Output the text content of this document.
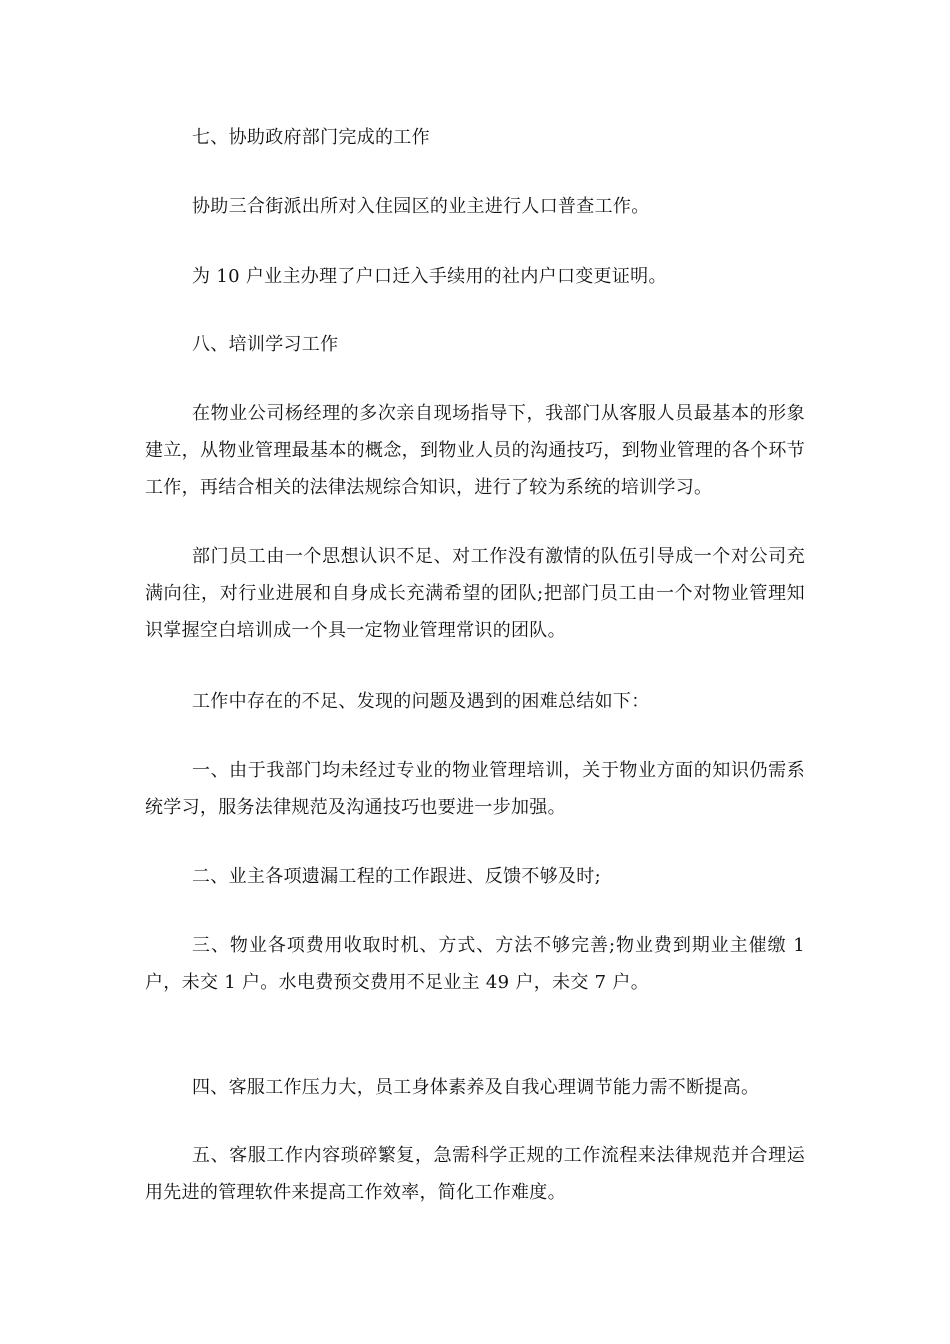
七、协助政府部门完成的工作

协助三合街派出所对入住园区的业主进行人口普查工作。

为 10 户业主办理了户口迁入手续用的社内户口变更证明。

八、培训学习工作

在物业公司杨经理的多次亲自现场指导下，我部门从客服人员最基本的形象建立，从物业管理最基本的概念，到物业人员的沟通技巧，到物业管理的各个环节工作，再结合相关的法律法规综合知识，进行了较为系统的培训学习。

部门员工由一个思想认识不足、对工作没有激情的队伍引导成一个对公司充满向往，对行业进展和自身成长充满希望的团队;把部门员工由一个对物业管理知识掌握空白培训成一个具一定物业管理常识的团队。

工作中存在的不足、发现的问题及遇到的困难总结如下：

一、由于我部门均未经过专业的物业管理培训，关于物业方面的知识仍需系统学习，服务法律规范及沟通技巧也要进一步加强。

二、业主各项遗漏工程的工作跟进、反馈不够及时;

三、物业各项费用收取时机、方式、方法不够完善;物业费到期业主催缴 1 户，未交 1 户。水电费预交费用不足业主 49 户，未交 7 户。

四、客服工作压力大，员工身体素养及自我心理调节能力需不断提高。

五、客服工作内容琐碎繁复，急需科学正规的工作流程来法律规范并合理运用先进的管理软件来提高工作效率，简化工作难度。
